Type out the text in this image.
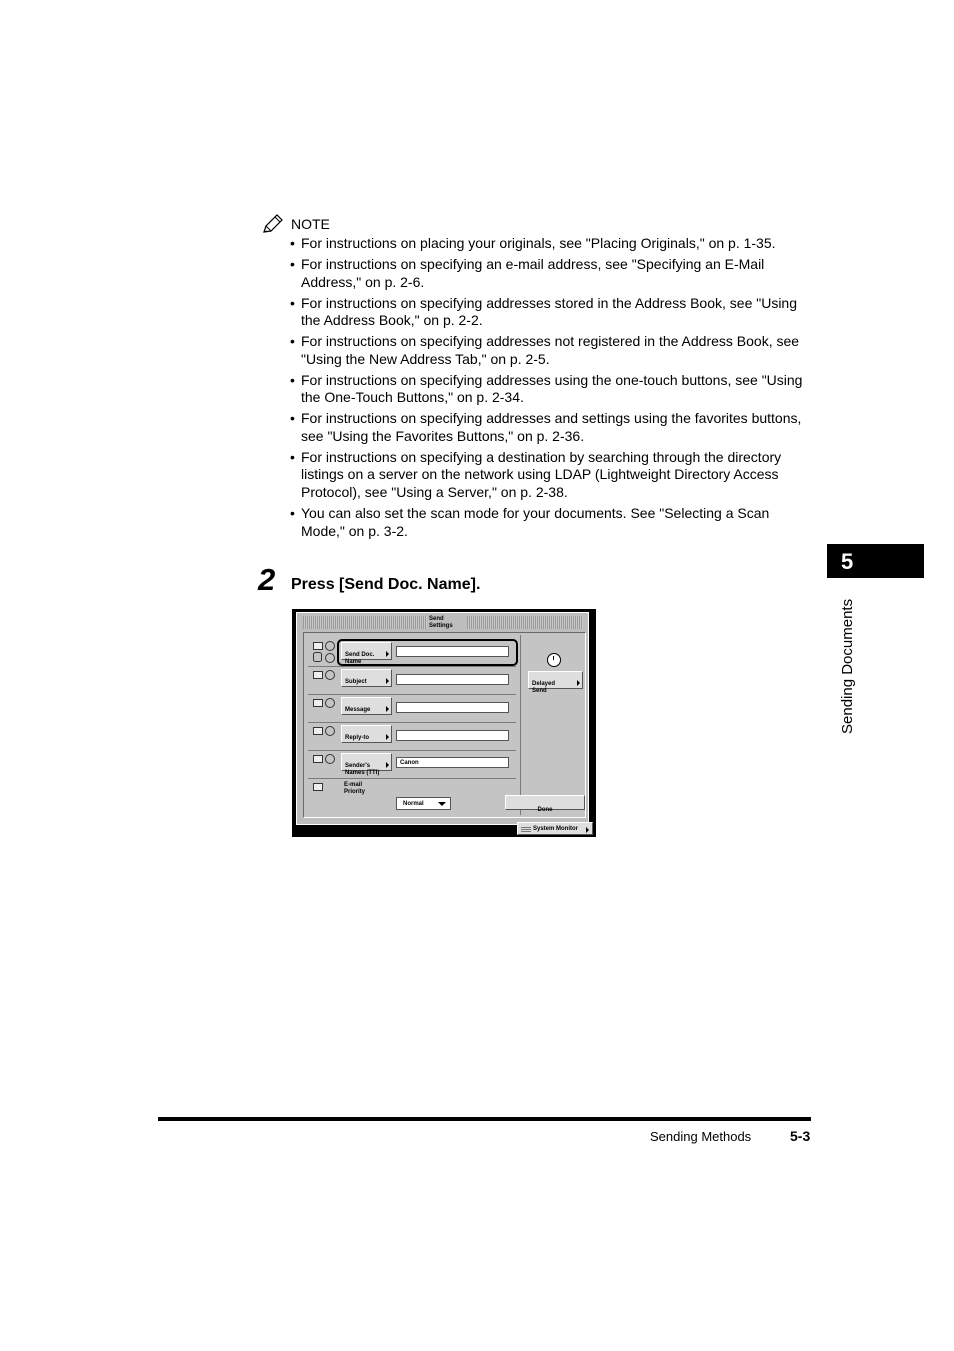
NOTE
• For instructions on placing your originals, see "Placing Originals," on p. 1-35.
• For instructions on specifying an e-mail address, see "Specifying an E-Mail Address," on p. 2-6.
• For instructions on specifying addresses stored in the Address Book, see "Using the Address Book," on p. 2-2.
• For instructions on specifying addresses not registered in the Address Book, see "Using the New Address Tab," on p. 2-5.
• For instructions on specifying addresses using the one-touch buttons, see "Using the One-Touch Buttons," on p. 2-34.
• For instructions on specifying addresses and settings using the favorites buttons, see "Using the Favorites Buttons," on p. 2-36.
• For instructions on specifying a destination by searching through the directory listings on a server on the network using LDAP (Lightweight Directory Access Protocol), see "Using a Server," on p. 2-38.
• You can also set the scan mode for your documents. See "Selecting a Scan Mode," on p. 3-2.
2 Press [Send Doc. Name].
Send
Settings

Send Doc.
Name

Subject

Message

Reply-to

Sender's
Names (TTI)

Canon
E-mail
Priority
Normal

Delayed
Send

Done

System Monitor
5
Sending Documents
Sending Methods	5-3
